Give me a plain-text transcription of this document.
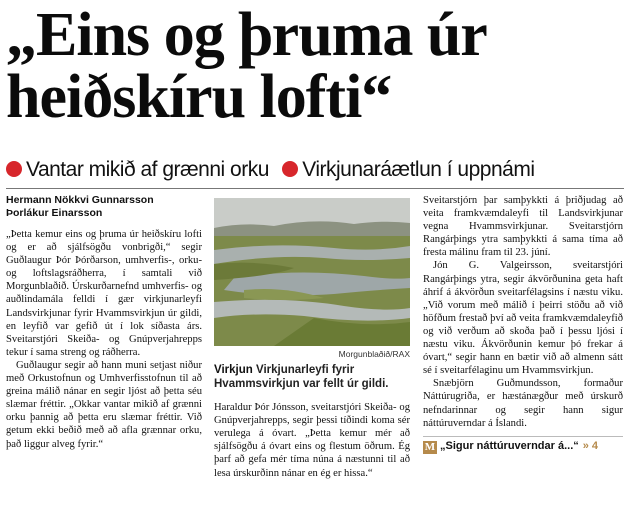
„Eins og þruma úr heiðskíru lofti“
Vantar mikið af grænni orku Virkjunaráætlun í uppnámi
Hermann Nökkvi Gunnarsson
Þorlákur Einarsson

„Þetta kemur eins og þruma úr heiðskíru lofti og er að sjálfsögðu vonbrigði,“ segir Guðlaugur Þór Þórðarson, umhverfis-, orku- og loftslagsráðherra, í samtali við Morgunblaðið. Úrskurðarnefnd umhverfis- og auðlindamála felldi í gær virkjunarleyfi Landsvirkjunar fyrir Hvammsvirkjun úr gildi, en leyfið var gefið út í lok síðasta árs. Sveitarstjóri Skeiða- og Gnúpverjahrepps tekur í sama streng og ráðherra.

Guðlaugur segir að hann muni setjast niður með Orkustofnun og Umhverfisstofnun til að greina málið nánar en segir ljóst að þetta séu slæmar fréttir. „Okkar vantar mikið af grænni orku þannig að þetta eru slæmar fréttir. Við getum ekki beðið með að afla grænnar orku, það liggur alveg fyrir.“

Morgunblaðið/RAX
Virkjun Virkjunarleyfi fyrir Hvammsvirkjun var fellt úr gildi.

Haraldur Þór Jónsson, sveitarstjóri Skeiða- og Gnúpverjahrepps, segir þessi tíðindi koma sér verulega á óvart. „Þetta kemur mér að sjálfsögðu á óvart eins og flestum öðrum. Ég þarf að gefa mér tíma núna á næstunni til að lesa úrskurðinn nánar en ég er hissa.“

Sveitarstjórn þar samþykkti á þriðjudag að veita framkvæmdaleyfi til Landsvirkjunar vegna Hvammsvirkjunar. Sveitarstjórn Rangárþings ytra samþykkti á sama tíma að fresta málinu fram til 23. júní.

Jón G. Valgeirsson, sveitarstjóri Rangárþings ytra, segir ákvörðunina geta haft áhrif á ákvörðun sveitarfélagsins í næstu viku. „Við vorum með málið í þeirri stöðu að við höfðum frestað því að veita framkvæmdaleyfið og við verðum að skoða það í þessu ljósi í næstu viku. Ákvörðunin kemur þó frekar á óvart,“ segir hann en bætir við að almenn sátt sé í sveitarfélaginu um Hvammsvirkjun.

Snæbjörn Guðmundsson, formaður Náttúrugriða, er hæstánægður með úrskurð nefndarinnar og segir hann sigur náttúruverndar á Íslandi.

M „Sigur náttúruverndar á...“ » 4
